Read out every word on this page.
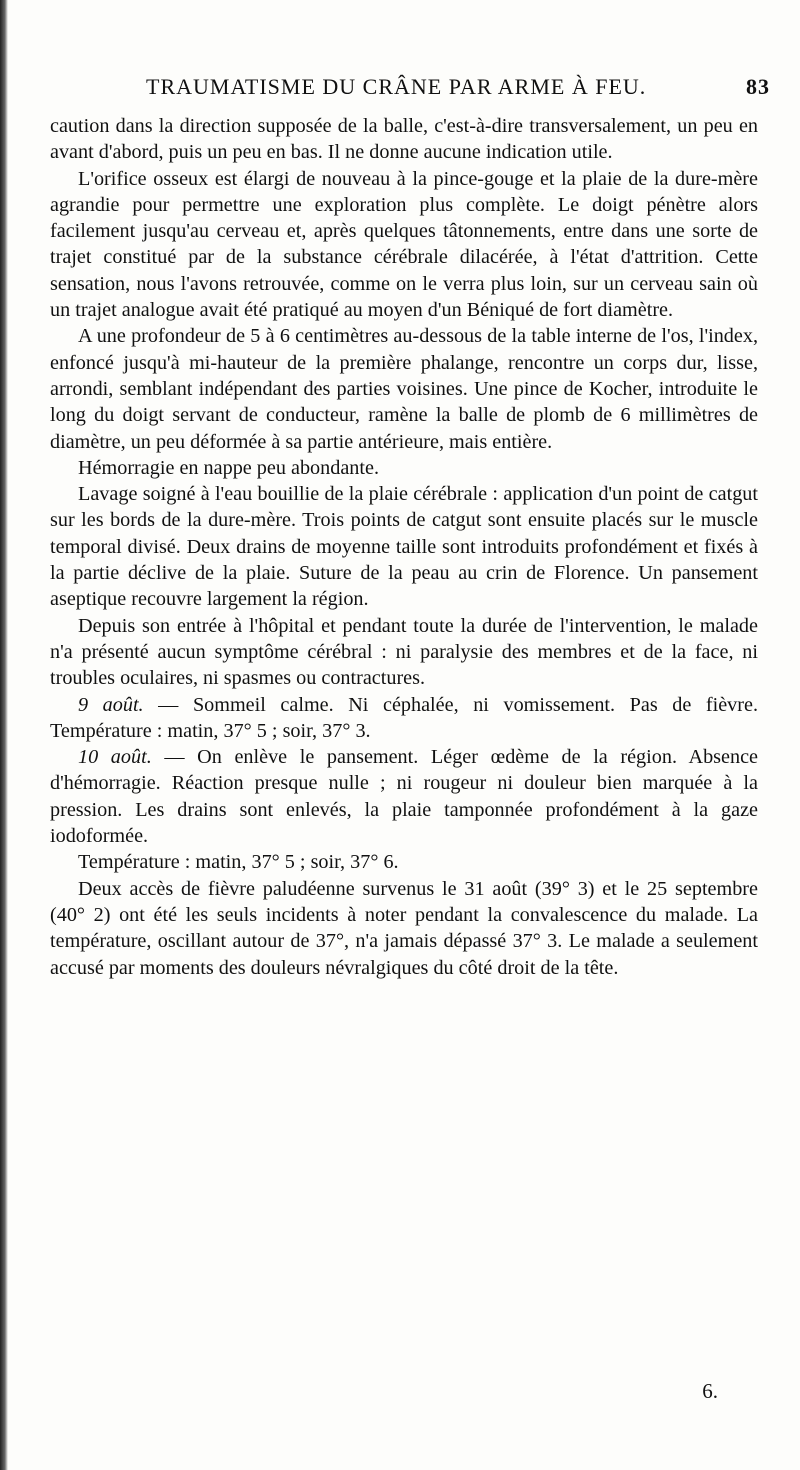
TRAUMATISME DU CRÂNE PAR ARME À FEU.	83

caution dans la direction supposée de la balle, c'est-à-dire transversalement, un peu en avant d'abord, puis un peu en bas. Il ne donne aucune indication utile.

L'orifice osseux est élargi de nouveau à la pince-gouge et la plaie de la dure-mère agrandie pour permettre une exploration plus complète. Le doigt pénètre alors facilement jusqu'au cerveau et, après quelques tâtonnements, entre dans une sorte de trajet constitué par de la substance cérébrale dilacérée, à l'état d'attrition. Cette sensation, nous l'avons retrouvée, comme on le verra plus loin, sur un cerveau sain où un trajet analogue avait été pratiqué au moyen d'un Béniqué de fort diamètre.

A une profondeur de 5 à 6 centimètres au-dessous de la table interne de l'os, l'index, enfoncé jusqu'à mi-hauteur de la première phalange, rencontre un corps dur, lisse, arrondi, semblant indépendant des parties voisines. Une pince de Kocher, introduite le long du doigt servant de conducteur, ramène la balle de plomb de 6 millimètres de diamètre, un peu déformée à sa partie antérieure, mais entière.

Hémorragie en nappe peu abondante.

Lavage soigné à l'eau bouillie de la plaie cérébrale : application d'un point de catgut sur les bords de la dure-mère. Trois points de catgut sont ensuite placés sur le muscle temporal divisé. Deux drains de moyenne taille sont introduits profondément et fixés à la partie déclive de la plaie. Suture de la peau au crin de Florence. Un pansement aseptique recouvre largement la région.

Depuis son entrée à l'hôpital et pendant toute la durée de l'intervention, le malade n'a présenté aucun symptôme cérébral : ni paralysie des membres et de la face, ni troubles oculaires, ni spasmes ou contractures.

9 août. — Sommeil calme. Ni céphalée, ni vomissement. Pas de fièvre. Température : matin, 37° 5 ; soir, 37° 3.

10 août. — On enlève le pansement. Léger œdème de la région. Absence d'hémorragie. Réaction presque nulle ; ni rougeur ni douleur bien marquée à la pression. Les drains sont enlevés, la plaie tamponnée profondément à la gaze iodoformée.

Température : matin, 37° 5 ; soir, 37° 6.

Deux accès de fièvre paludéenne survenus le 31 août (39° 3) et le 25 septembre (40° 2) ont été les seuls incidents à noter pendant la convalescence du malade. La température, oscillant autour de 37°, n'a jamais dépassé 37° 3. Le malade a seulement accusé par moments des douleurs névralgiques du côté droit de la tête.

6.
